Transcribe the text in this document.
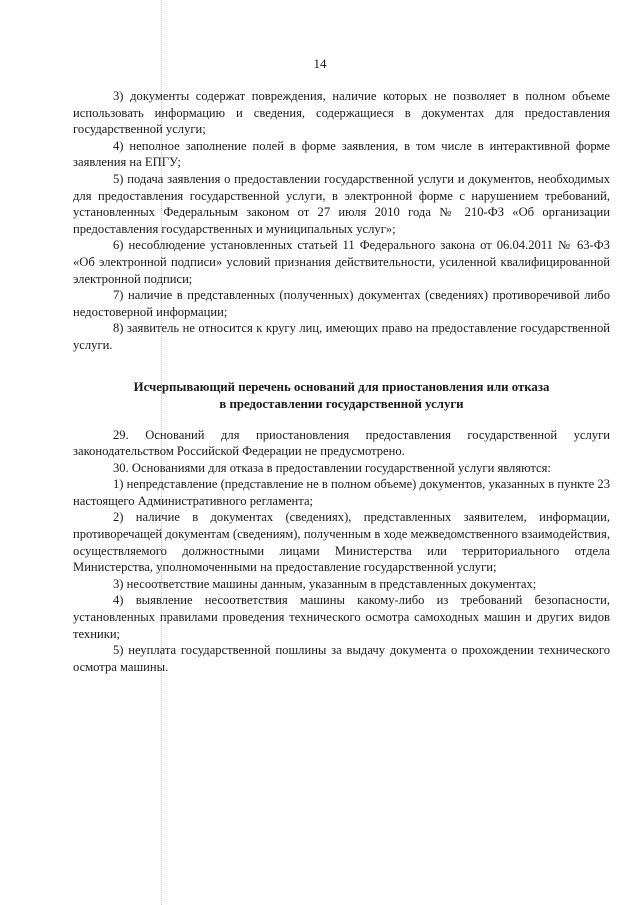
14

3) документы содержат повреждения, наличие которых не позволяет в полном объеме использовать информацию и сведения, содержащиеся в документах для предоставления государственной услуги;

4) неполное заполнение полей в форме заявления, в том числе в интерактивной форме заявления на ЕПГУ;

5) подача заявления о предоставлении государственной услуги и документов, необходимых для предоставления государственной услуги, в электронной форме с нарушением требований, установленных Федеральным законом от 27 июля 2010 года № 210-ФЗ «Об организации предоставления государственных и муниципальных услуг»;

6) несоблюдение установленных статьей 11 Федерального закона от 06.04.2011 № 63-ФЗ «Об электронной подписи» условий признания действительности, усиленной квалифицированной электронной подписи;

7) наличие в представленных (полученных) документах (сведениях) противоречивой либо недостоверной информации;

8) заявитель не относится к кругу лиц, имеющих право на предоставление государственной услуги.

Исчерпывающий перечень оснований для приостановления или отказа
в предоставлении государственной услуги

29. Оснований для приостановления предоставления государственной услуги законодательством Российской Федерации не предусмотрено.

30. Основаниями для отказа в предоставлении государственной услуги являются:

1) непредставление (представление не в полном объеме) документов, указанных в пункте 23 настоящего Административного регламента;

2) наличие в документах (сведениях), представленных заявителем, информации, противоречащей документам (сведениям), полученным в ходе межведомственного взаимодействия, осуществляемого должностными лицами Министерства или территориального отдела Министерства, уполномоченными на предоставление государственной услуги;

3) несоответствие машины данным, указанным в представленных документах;

4) выявление несоответствия машины какому-либо из требований безопасности, установленных правилами проведения технического осмотра самоходных машин и других видов техники;

5) неуплата государственной пошлины за выдачу документа о прохождении технического осмотра машины.
